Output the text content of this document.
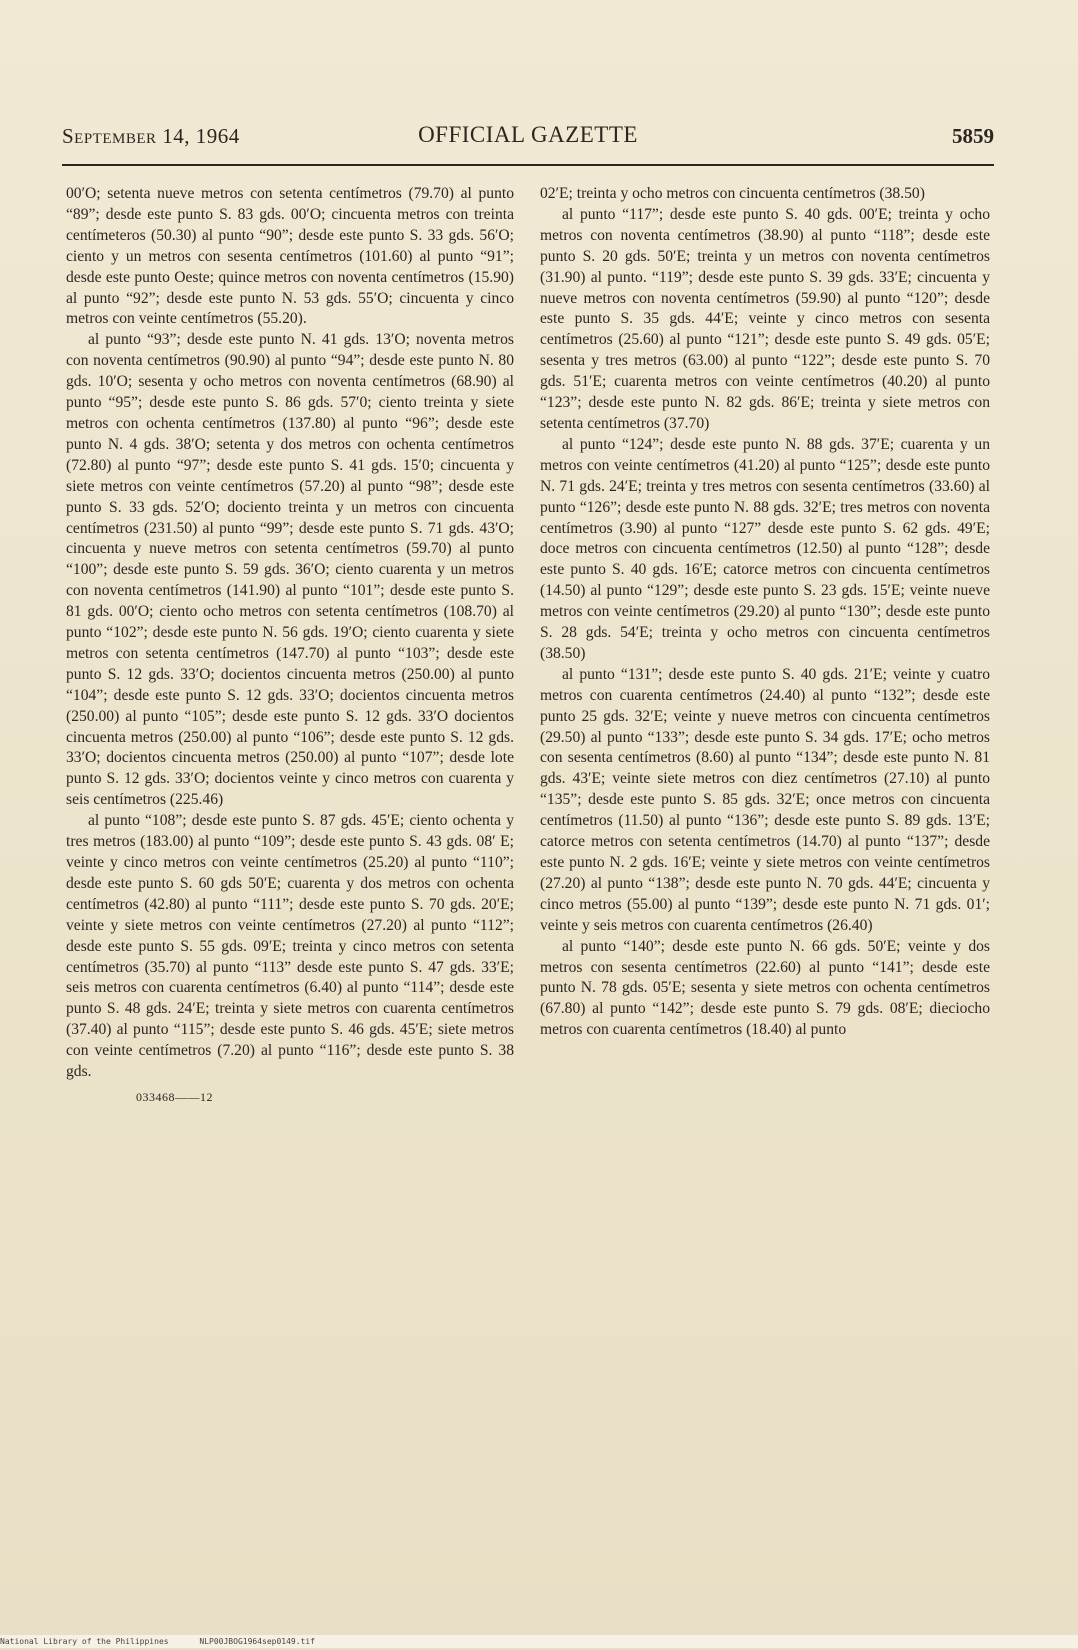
September 14, 1964	OFFICIAL GAZETTE	5859

00′O; setenta nueve metros con setenta centímetros (79.70) al punto “89”; desde este punto S. 83 gds. 00′O; cincuenta metros con treinta centímeteros (50.30) al punto “90”; desde este punto S. 33 gds. 56′O; ciento y un metros con sesenta centímetros (101.60) al punto “91”; desde este punto Oeste; quince metros con noventa centímetros (15.90) al punto “92”; desde este punto N. 53 gds. 55′O; cincuenta y cinco metros con veinte centímetros (55.20).

al punto “93”; desde este punto N. 41 gds. 13′O; noventa metros con noventa centímetros (90.90) al punto “94”; desde este punto N. 80 gds. 10′O; sesenta y ocho metros con noventa centímetros (68.90) al punto “95”; desde este punto S. 86 gds. 57′0; ciento treinta y siete metros con ochenta centímetros (137.80) al punto “96”; desde este punto N. 4 gds. 38′O; setenta y dos metros con ochenta centímetros (72.80) al punto “97”; desde este punto S. 41 gds. 15′0; cincuenta y siete metros con veinte centímetros (57.20) al punto “98”; desde este punto S. 33 gds. 52′O; dociento treinta y un metros con cincuenta centímetros (231.50) al punto “99”; desde este punto S. 71 gds. 43′O; cincuenta y nueve metros con setenta centímetros (59.70) al punto “100”; desde este punto S. 59 gds. 36′O; ciento cuarenta y un metros con noventa centímetros (141.90) al punto “101”; desde este punto S. 81 gds. 00′O; ciento ocho metros con setenta centímetros (108.70) al punto “102”; desde este punto N. 56 gds. 19′O; ciento cuarenta y siete metros con setenta centímetros (147.70) al punto “103”; desde este punto S. 12 gds. 33′O; docientos cincuenta metros (250.00) al punto “104”; desde este punto S. 12 gds. 33′O; docientos cincuenta metros (250.00) al punto “105”; desde este punto S. 12 gds. 33′O docientos cincuenta metros (250.00) al punto “106”; desde este punto S. 12 gds. 33′O; docientos cincuenta metros (250.00) al punto “107”; desde lote punto S. 12 gds. 33′O; docientos veinte y cinco metros con cuarenta y seis centímetros (225.46)

al punto “108”; desde este punto S. 87 gds. 45′E; ciento ochenta y tres metros (183.00) al punto “109”; desde este punto S. 43 gds. 08′ E; veinte y cinco metros con veinte centímetros (25.20) al punto “110”; desde este punto S. 60 gds 50′E; cuarenta y dos metros con ochenta centímetros (42.80) al punto “111”; desde este punto S. 70 gds. 20′E; veinte y siete metros con veinte centímetros (27.20) al punto “112”; desde este punto S. 55 gds. 09′E; treinta y cinco metros con setenta centímetros (35.70) al punto “113” desde este punto S. 47 gds. 33′E; seis metros con cuarenta centímetros (6.40) al punto “114”; desde este punto S. 48 gds. 24′E; treinta y siete metros con cuarenta centímetros (37.40) al punto “115”; desde este punto S. 46 gds. 45′E; siete metros con veinte centímetros (7.20) al punto “116”; desde este punto S. 38 gds.

033468——12

02′E; treinta y ocho metros con cincuenta centímetros (38.50)

al punto “117”; desde este punto S. 40 gds. 00′E; treinta y ocho metros con noventa centímetros (38.90) al punto “118”; desde este punto S. 20 gds. 50′E; treinta y un metros con noventa centímetros (31.90) al punto. “119”; desde este punto S. 39 gds. 33′E; cincuenta y nueve metros con noventa centímetros (59.90) al punto “120”; desde este punto S. 35 gds. 44′E; veinte y cinco metros con sesenta centímetros (25.60) al punto “121”; desde este punto S. 49 gds. 05′E; sesenta y tres metros (63.00) al punto “122”; desde este punto S. 70 gds. 51′E; cuarenta metros con veinte centímetros (40.20) al punto “123”; desde este punto N. 82 gds. 86′E; treinta y siete metros con setenta centímetros (37.70)

al punto “124”; desde este punto N. 88 gds. 37′E; cuarenta y un metros con veinte centímetros (41.20) al punto “125”; desde este punto N. 71 gds. 24′E; treinta y tres metros con sesenta centímetros (33.60) al punto “126”; desde este punto N. 88 gds. 32′E; tres metros con noventa centímetros (3.90) al punto “127” desde este punto S. 62 gds. 49′E; doce metros con cincuenta centímetros (12.50) al punto “128”; desde este punto S. 40 gds. 16′E; catorce metros con cincuenta centímetros (14.50) al punto “129”; desde este punto S. 23 gds. 15′E; veinte nueve metros con veinte centímetros (29.20) al punto “130”; desde este punto S. 28 gds. 54′E; treinta y ocho metros con cincuenta centímetros (38.50)

al punto “131”; desde este punto S. 40 gds. 21′E; veinte y cuatro metros con cuarenta centímetros (24.40) al punto “132”; desde este punto 25 gds. 32′E; veinte y nueve metros con cincuenta centímetros (29.50) al punto “133”; desde este punto S. 34 gds. 17′E; ocho metros con sesenta centímetros (8.60) al punto “134”; desde este punto N. 81 gds. 43′E; veinte siete metros con diez centímetros (27.10) al punto “135”; desde este punto S. 85 gds. 32′E; once metros con cincuenta centímetros (11.50) al punto “136”; desde este punto S. 89 gds. 13′E; catorce metros con setenta centímetros (14.70) al punto “137”; desde este punto N. 2 gds. 16′E; veinte y siete metros con veinte centímetros (27.20) al punto “138”; desde este punto N. 70 gds. 44′E; cincuenta y cinco metros (55.00) al punto “139”; desde este punto N. 71 gds. 01′; veinte y seis metros con cuarenta centímetros (26.40)

al punto “140”; desde este punto N. 66 gds. 50′E; veinte y dos metros con sesenta centímetros (22.60) al punto “141”; desde este punto N. 78 gds. 05′E; sesenta y siete metros con ochenta centímetros (67.80) al punto “142”; desde este punto S. 79 gds. 08′E; dieciocho metros con cuarenta centímetros (18.40) al punto

National Library of the Philippines	NLP00JBOG1964sep0149.tif
